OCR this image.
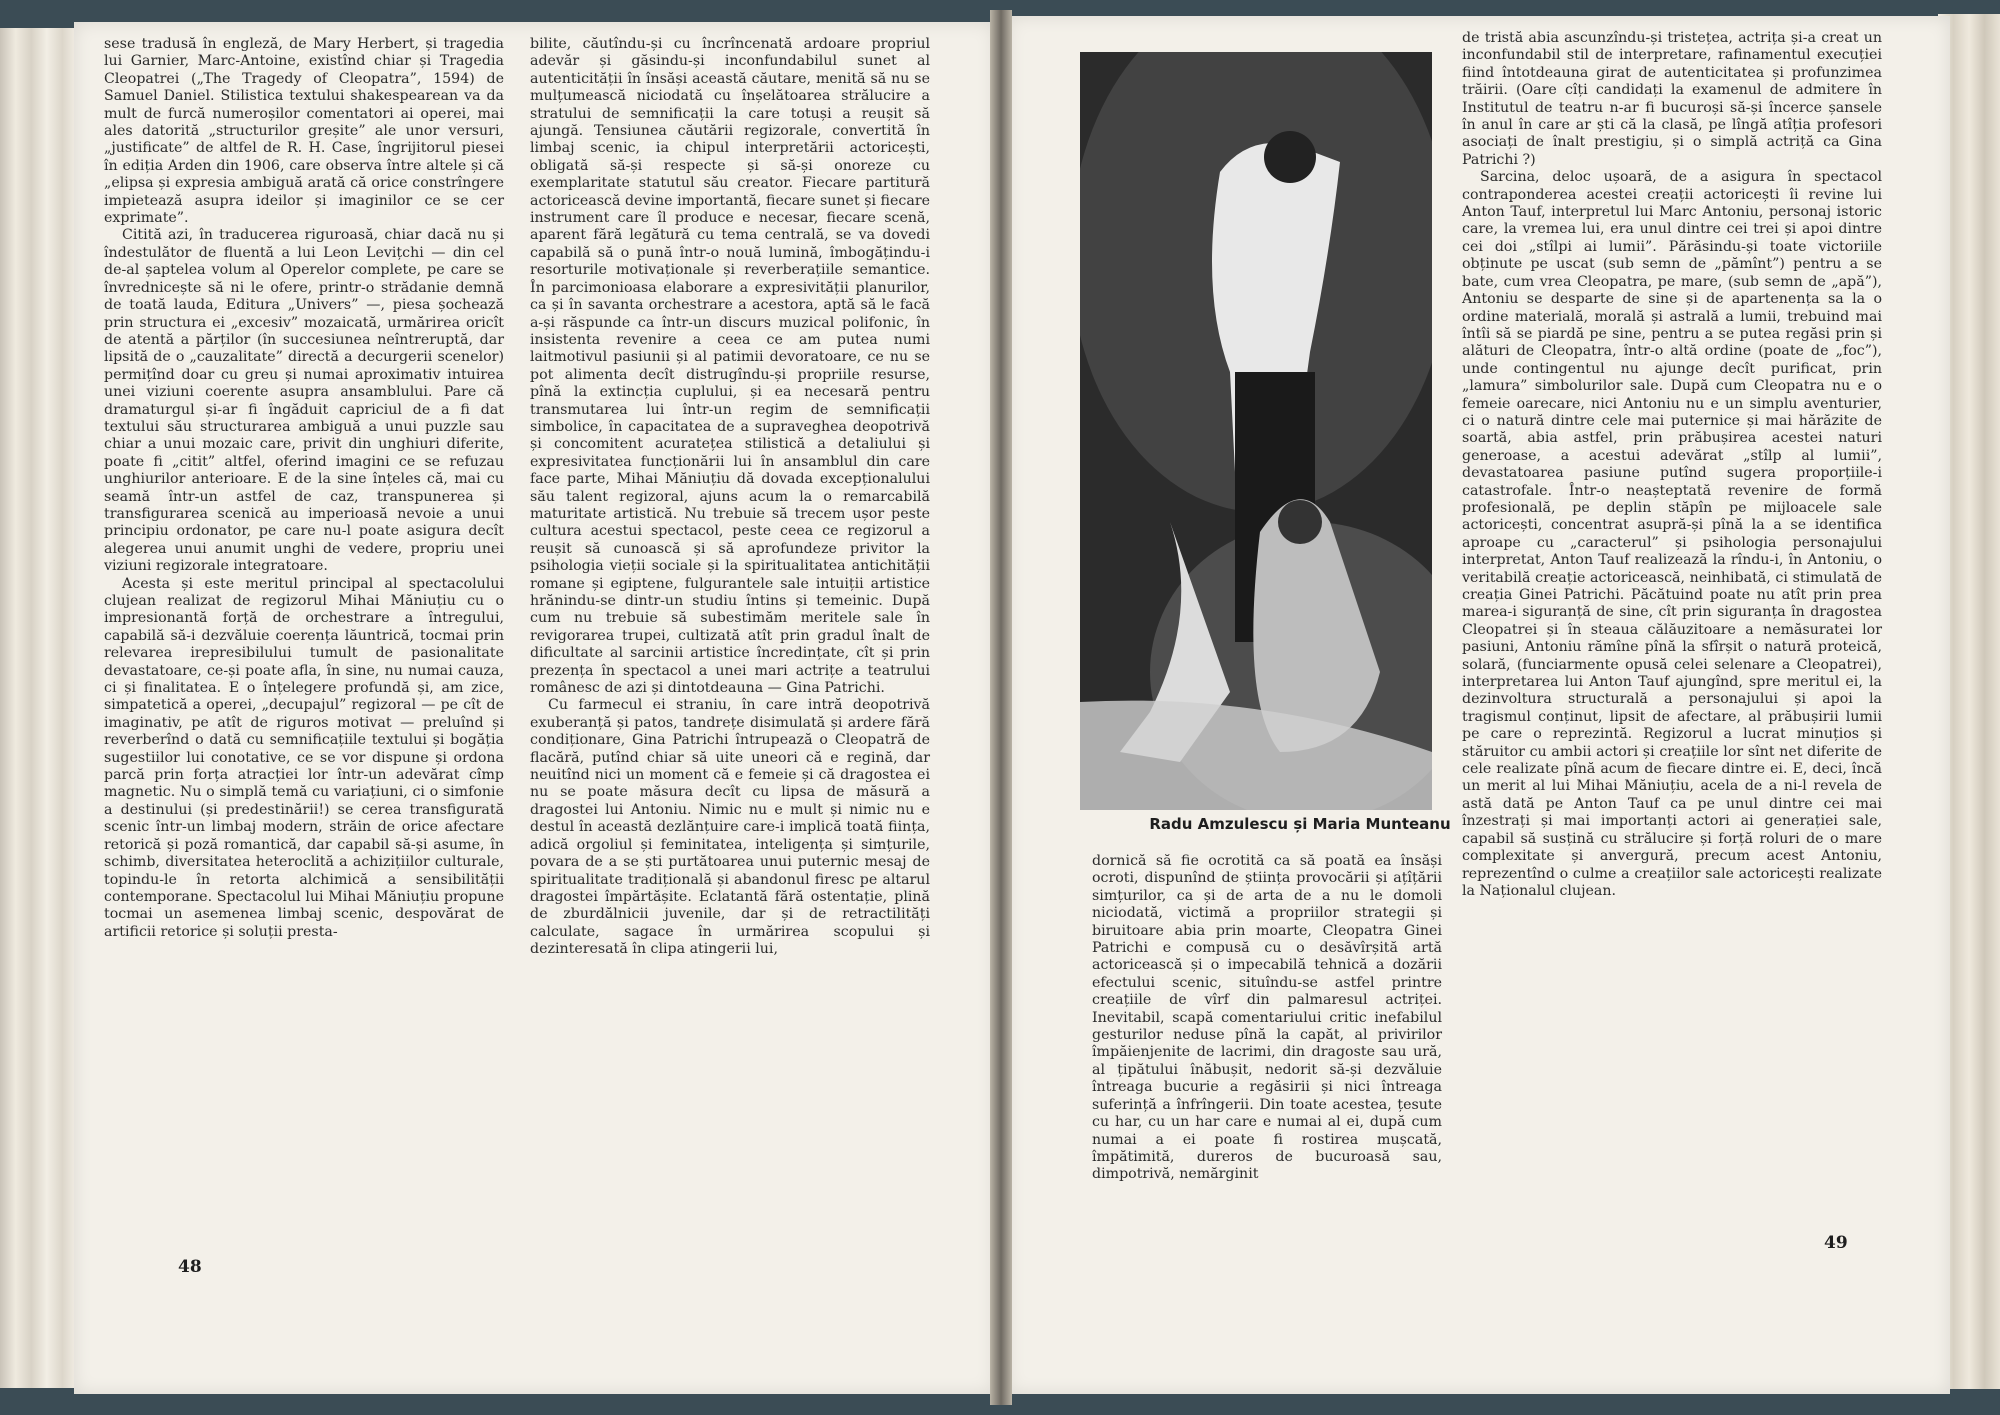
sese tradusă în engleză, de Mary Herbert, și tragedia lui Garnier, Marc-Antoine, existînd chiar și Tragedia Cleopatrei („The Tragedy of Cleopatra”, 1594) de Samuel Daniel. Stilistica textului shakespearean va da mult de furcă numeroșilor comentatori ai operei, mai ales datorită „structurilor greșite” ale unor versuri, „justificate” de altfel de R. H. Case, îngrijitorul piesei în ediția Arden din 1906, care observa între altele și că „elipsa și expresia ambiguă arată că orice constrîngere impietează asupra ideilor și imaginilor ce se cer exprimate”.

Citită azi, în traducerea riguroasă, chiar dacă nu și îndestulător de fluentă a lui Leon Levițchi — din cel de-al șaptelea volum al Operelor complete, pe care se învrednicește să ni le ofere, printr-o strădanie demnă de toată lauda, Editura „Univers” —, piesa șochează prin structura ei „excesiv” mozaicată, urmărirea oricît de atentă a părților (în succesiunea neîntreruptă, dar lipsită de o „cauzalitate” directă a decurgerii scenelor) permițînd doar cu greu și numai aproximativ intuirea unei viziuni coerente asupra ansamblului. Pare că dramaturgul și-ar fi îngăduit capriciul de a fi dat textului său structurarea ambiguă a unui puzzle sau chiar a unui mozaic care, privit din unghiuri diferite, poate fi „citit” altfel, oferind imagini ce se refuzau unghiurilor anterioare. E de la sine înțeles că, mai cu seamă într-un astfel de caz, transpunerea și transfigurarea scenică au imperioasă nevoie a unui principiu ordonator, pe care nu-l poate asigura decît alegerea unui anumit unghi de vedere, propriu unei viziuni regizorale integratoare.

Acesta și este meritul principal al spectacolului clujean realizat de regizorul Mihai Măniuțiu cu o impresionantă forță de orchestrare a întregului, capabilă să-i dezvăluie coerența lăuntrică, tocmai prin relevarea irepresibilului tumult de pasionalitate devastatoare, ce-și poate afla, în sine, nu numai cauza, ci și finalitatea. E o înțelegere profundă și, am zice, simpatetică a operei, „decupajul” regizoral — pe cît de imaginativ, pe atît de riguros motivat — preluînd și reverberînd o dată cu semnificațiile textului și bogăția sugestiilor lui conotative, ce se vor dispune și ordona parcă prin forța atracției lor într-un adevărat cîmp magnetic. Nu o simplă temă cu variațiuni, ci o simfonie a destinului (și predestinării!) se cerea transfigurată scenic într-un limbaj modern, străin de orice afectare retorică și poză romantică, dar capabil să-și asume, în schimb, diversitatea heteroclită a achizițiilor culturale, topindu-le în retorta alchimică a sensibilității contemporane. Spectacolul lui Mihai Măniuțiu propune tocmai un asemenea limbaj scenic, despovărat de artificii retorice și soluții presta-

bilite, căutîndu-și cu încrîncenată ardoare propriul adevăr și găsindu-și inconfundabilul sunet al autenticității în însăși această căutare, menită să nu se mulțumească niciodată cu înșelătoarea strălucire a stratului de semnificații la care totuși a reușit să ajungă. Tensiunea căutării regizorale, convertită în limbaj scenic, ia chipul interpretării actoricești, obligată să-și respecte și să-și onoreze cu exemplaritate statutul său creator. Fiecare partitură actoricească devine importantă, fiecare sunet și fiecare instrument care îl produce e necesar, fiecare scenă, aparent fără legătură cu tema centrală, se va dovedi capabilă să o pună într-o nouă lumină, îmbogățindu-i resorturile motivaționale și reverberațiile semantice. În parcimonioasa elaborare a expresivității planurilor, ca și în savanta orchestrare a acestora, aptă să le facă a-și răspunde ca într-un discurs muzical polifonic, în insistenta revenire a ceea ce am putea numi laitmotivul pasiunii și al patimii devoratoare, ce nu se pot alimenta decît distrugîndu-și propriile resurse, pînă la extincția cuplului, și ea necesară pentru transmutarea lui într-un regim de semnificații simbolice, în capacitatea de a supraveghea deopotrivă și concomitent acuratețea stilistică a detaliului și expresivitatea funcționării lui în ansamblul din care face parte, Mihai Măniuțiu dă dovada excepționalului său talent regizoral, ajuns acum la o remarcabilă maturitate artistică. Nu trebuie să trecem ușor peste cultura acestui spectacol, peste ceea ce regizorul a reușit să cunoască și să aprofundeze privitor la psihologia vieții sociale și la spiritualitatea antichității romane și egiptene, fulgurantele sale intuiții artistice hrănindu-se dintr-un studiu întins și temeinic. După cum nu trebuie să subestimăm meritele sale în revigorarea trupei, cultizată atît prin gradul înalt de dificultate al sarcinii artistice încredințate, cît și prin prezența în spectacol a unei mari actrițe a teatrului românesc de azi și dintotdeauna — Gina Patrichi.

Cu farmecul ei straniu, în care intră deopotrivă exuberanță și patos, tandrețe disimulată și ardere fără condiționare, Gina Patrichi întrupează o Cleopatră de flacără, putînd chiar să uite uneori că e regină, dar neuitînd nici un moment că e femeie și că dragostea ei nu se poate măsura decît cu lipsa de măsură a dragostei lui Antoniu. Nimic nu e mult și nimic nu e destul în această dezlănțuire care-i implică toată ființa, adică orgoliul și feminitatea, inteligența și simțurile, povara de a se ști purtătoarea unui puternic mesaj de spiritualitate tradițională și abandonul firesc pe altarul dragostei împărtășite. Eclatantă fără ostentație, plină de zburdălnicii juvenile, dar și de retractilități calculate, sagace în urmărirea scopului și dezinteresată în clipa atingerii lui,

Radu Amzulescu și Maria Munteanu

dornică să fie ocrotită ca să poată ea însăși ocroti, dispunînd de știința provocării și ațîțării simțurilor, ca și de arta de a nu le domoli niciodată, victimă a propriilor strategii și biruitoare abia prin moarte, Cleopatra Ginei Patrichi e compusă cu o desăvîrșită artă actoricească și o impecabilă tehnică a dozării efectului scenic, situîndu-se astfel printre creațiile de vîrf din palmaresul actriței. Inevitabil, scapă comentariului critic inefabilul gesturilor neduse pînă la capăt, al privirilor împăienjenite de lacrimi, din dragoste sau ură, al țipătului înăbușit, nedorit să-și dezvăluie întreaga bucurie a regăsirii și nici întreaga suferință a înfrîngerii. Din toate acestea, țesute cu har, cu un har care e numai al ei, după cum numai a ei poate fi rostirea mușcată, împătimită, dureros de bucuroasă sau, dimpotrivă, nemărginit

de tristă abia ascunzîndu-și tristețea, actrița și-a creat un inconfundabil stil de interpretare, rafinamentul execuției fiind întotdeauna girat de autenticitatea și profunzimea trăirii. (Oare cîți candidați la examenul de admitere în Institutul de teatru n-ar fi bucuroși să-și încerce șansele în anul în care ar ști că la clasă, pe lîngă atîția profesori asociați de înalt prestigiu, și o simplă actriță ca Gina Patrichi ?)

Sarcina, deloc ușoară, de a asigura în spectacol contraponderea acestei creații actoricești îi revine lui Anton Tauf, interpretul lui Marc Antoniu, personaj istoric care, la vremea lui, era unul dintre cei trei și apoi dintre cei doi „stîlpi ai lumii”. Părăsindu-și toate victoriile obținute pe uscat (sub semn de „pămînt”) pentru a se bate, cum vrea Cleopatra, pe mare, (sub semn de „apă”), Antoniu se desparte de sine și de apartenența sa la o ordine materială, morală și astrală a lumii, trebuind mai întîi să se piardă pe sine, pentru a se putea regăsi prin și alături de Cleopatra, într-o altă ordine (poate de „foc”), unde contingentul nu ajunge decît purificat, prin „lamura” simbolurilor sale. După cum Cleopatra nu e o femeie oarecare, nici Antoniu nu e un simplu aventurier, ci o natură dintre cele mai puternice și mai hărăzite de soartă, abia astfel, prin prăbușirea acestei naturi generoase, a acestui adevărat „stîlp al lumii”, devastatoarea pasiune putînd sugera proporțiile-i catastrofale. Într-o neașteptată revenire de formă profesională, pe deplin stăpîn pe mijloacele sale actoricești, concentrat asupră-și pînă la a se identifica aproape cu „caracterul” și psihologia personajului interpretat, Anton Tauf realizează la rîndu-i, în Antoniu, o veritabilă creație actoricească, neinhibată, ci stimulată de creația Ginei Patrichi. Păcătuind poate nu atît prin prea marea-i siguranță de sine, cît prin siguranța în dragostea Cleopatrei și în steaua călăuzitoare a nemăsuratei lor pasiuni, Antoniu rămîne pînă la sfîrșit o natură proteică, solară, (funciarmente opusă celei selenare a Cleopatrei), interpretarea lui Anton Tauf ajungînd, spre meritul ei, la dezinvoltura structurală a personajului și apoi la tragismul conținut, lipsit de afectare, al prăbușirii lumii pe care o reprezintă. Regizorul a lucrat minuțios și stăruitor cu ambii actori și creațiile lor sînt net diferite de cele realizate pînă acum de fiecare dintre ei. E, deci, încă un merit al lui Mihai Măniuțiu, acela de a ni-l revela de astă dată pe Anton Tauf ca pe unul dintre cei mai înzestrați și mai importanți actori ai generației sale, capabil să susțină cu strălucire și forță roluri de o mare complexitate și anvergură, precum acest Antoniu, reprezentînd o culme a creațiilor sale actoricești realizate la Naționalul clujean.

48
49
